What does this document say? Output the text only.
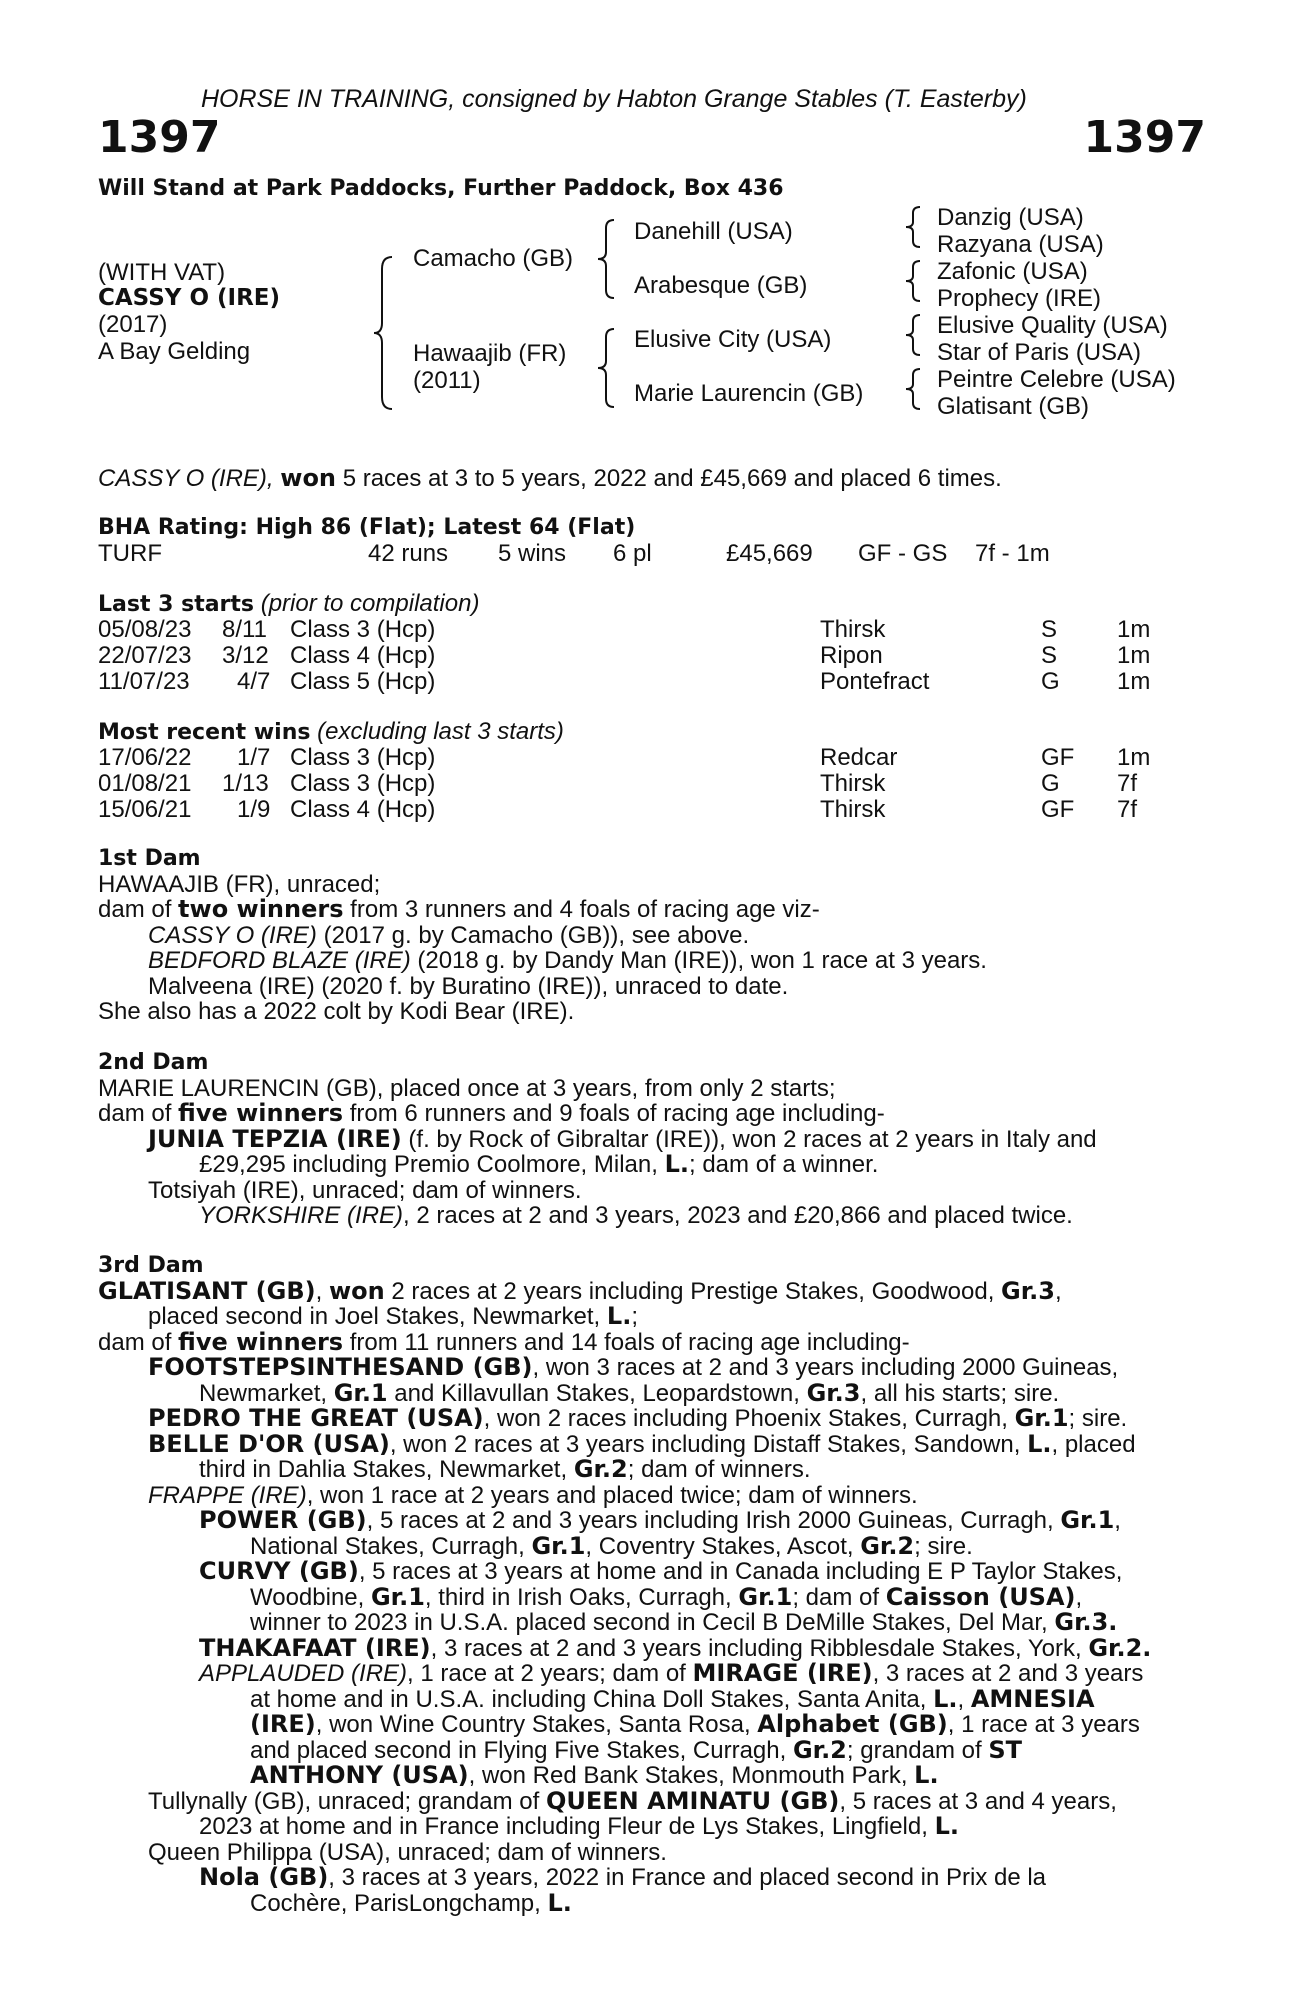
HORSE IN TRAINING, consigned by Habton Grange Stables (T. Easterby)
1397	1397
Will Stand at Park Paddocks, Further Paddock, Box 436
(WITH VAT)
CASSY O (IRE)
(2017)
A Bay Gelding
Camacho (GB)
Hawaajib (FR)
(2011)
Danehill (USA)
Arabesque (GB)
Elusive City (USA)
Marie Laurencin (GB)
Danzig (USA)
Razyana (USA)
Zafonic (USA)
Prophecy (IRE)
Elusive Quality (USA)
Star of Paris (USA)
Peintre Celebre (USA)
Glatisant (GB)
CASSY O (IRE), won 5 races at 3 to 5 years, 2022 and £45,669 and placed 6 times.
BHA Rating: High 86 (Flat); Latest 64 (Flat)
TURF	42 runs 5 wins 6 pl	£45,669 GF - GS 7f - 1m
Last 3 starts (prior to compilation)
05/08/23 8/11 Class 3 (Hcp)	Thirsk	S 1m
22/07/23 3/12 Class 4 (Hcp)	Ripon	S 1m
11/07/23 4/7 Class 5 (Hcp)	Pontefract	G 1m
Most recent wins (excluding last 3 starts)
17/06/22 1/7 Class 3 (Hcp)	Redcar	GF 1m
01/08/21 1/13 Class 3 (Hcp)	Thirsk	G 7f
15/06/21 1/9 Class 4 (Hcp)	Thirsk	GF 7f
1st Dam
HAWAAJIB (FR), unraced;
dam of two winners from 3 runners and 4 foals of racing age viz-
CASSY O (IRE) (2017 g. by Camacho (GB)), see above.
BEDFORD BLAZE (IRE) (2018 g. by Dandy Man (IRE)), won 1 race at 3 years.
Malveena (IRE) (2020 f. by Buratino (IRE)), unraced to date.
She also has a 2022 colt by Kodi Bear (IRE).
2nd Dam
MARIE LAURENCIN (GB), placed once at 3 years, from only 2 starts;
dam of five winners from 6 runners and 9 foals of racing age including-
JUNIA TEPZIA (IRE) (f. by Rock of Gibraltar (IRE)), won 2 races at 2 years in Italy and
£29,295 including Premio Coolmore, Milan, L.; dam of a winner.
Totsiyah (IRE), unraced; dam of winners.
YORKSHIRE (IRE), 2 races at 2 and 3 years, 2023 and £20,866 and placed twice.
3rd Dam
GLATISANT (GB), won 2 races at 2 years including Prestige Stakes, Goodwood, Gr.3,
placed second in Joel Stakes, Newmarket, L.;
dam of five winners from 11 runners and 14 foals of racing age including-
FOOTSTEPSINTHESAND (GB), won 3 races at 2 and 3 years including 2000 Guineas,
Newmarket, Gr.1 and Killavullan Stakes, Leopardstown, Gr.3, all his starts; sire.
PEDRO THE GREAT (USA), won 2 races including Phoenix Stakes, Curragh, Gr.1; sire.
BELLE D'OR (USA), won 2 races at 3 years including Distaff Stakes, Sandown, L., placed
third in Dahlia Stakes, Newmarket, Gr.2; dam of winners.
FRAPPE (IRE), won 1 race at 2 years and placed twice; dam of winners.
POWER (GB), 5 races at 2 and 3 years including Irish 2000 Guineas, Curragh, Gr.1,
National Stakes, Curragh, Gr.1, Coventry Stakes, Ascot, Gr.2; sire.
CURVY (GB), 5 races at 3 years at home and in Canada including E P Taylor Stakes,
Woodbine, Gr.1, third in Irish Oaks, Curragh, Gr.1; dam of Caisson (USA),
winner to 2023 in U.S.A. placed second in Cecil B DeMille Stakes, Del Mar, Gr.3.
THAKAFAAT (IRE), 3 races at 2 and 3 years including Ribblesdale Stakes, York, Gr.2.
APPLAUDED (IRE), 1 race at 2 years; dam of MIRAGE (IRE), 3 races at 2 and 3 years
at home and in U.S.A. including China Doll Stakes, Santa Anita, L., AMNESIA
(IRE), won Wine Country Stakes, Santa Rosa, Alphabet (GB), 1 race at 3 years
and placed second in Flying Five Stakes, Curragh, Gr.2; grandam of ST
ANTHONY (USA), won Red Bank Stakes, Monmouth Park, L.
Tullynally (GB), unraced; grandam of QUEEN AMINATU (GB), 5 races at 3 and 4 years,
2023 at home and in France including Fleur de Lys Stakes, Lingfield, L.
Queen Philippa (USA), unraced; dam of winners.
Nola (GB), 3 races at 3 years, 2022 in France and placed second in Prix de la
Cochère, ParisLongchamp, L.
